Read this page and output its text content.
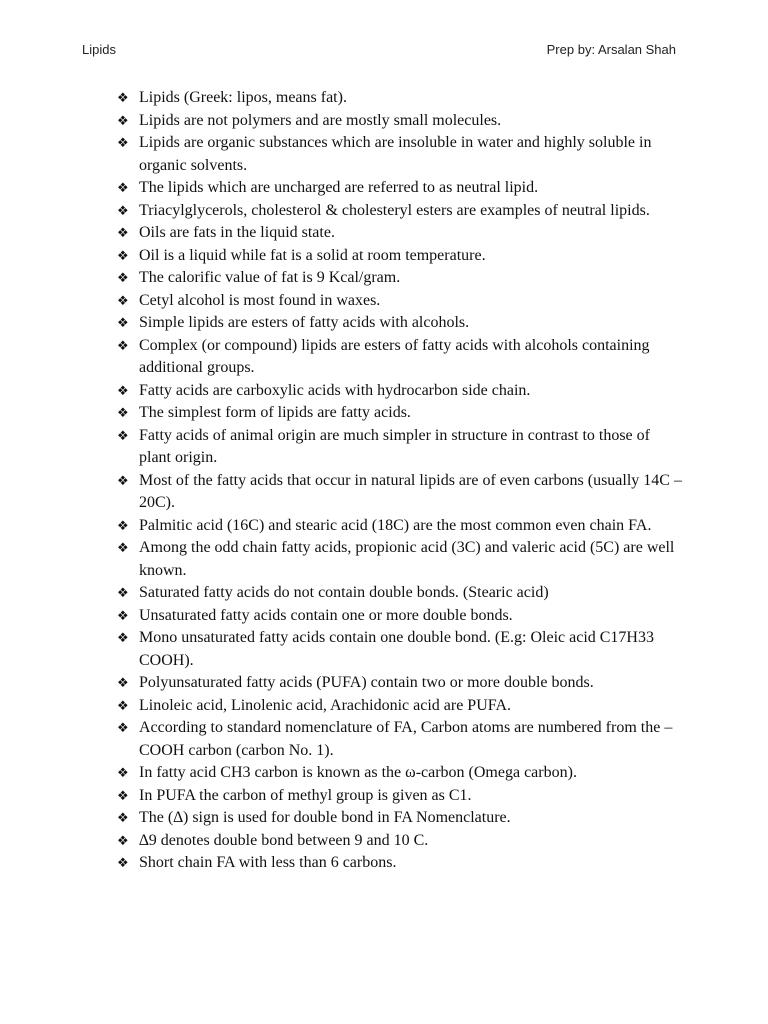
Lipids	Prep by: Arsalan Shah
❖ Lipids (Greek: lipos, means fat).
❖ Lipids are not polymers and are mostly small molecules.
❖ Lipids are organic substances which are insoluble in water and highly soluble in organic solvents.
❖ The lipids which are uncharged are referred to as neutral lipid.
❖ Triacylglycerols, cholesterol & cholesteryl esters are examples of neutral lipids.
❖ Oils are fats in the liquid state.
❖ Oil is a liquid while fat is a solid at room temperature.
❖ The calorific value of fat is 9 Kcal/gram.
❖ Cetyl alcohol is most found in waxes.
❖ Simple lipids are esters of fatty acids with alcohols.
❖ Complex (or compound) lipids are esters of fatty acids with alcohols containing additional groups.
❖ Fatty acids are carboxylic acids with hydrocarbon side chain.
❖ The simplest form of lipids are fatty acids.
❖ Fatty acids of animal origin are much simpler in structure in contrast to those of plant origin.
❖ Most of the fatty acids that occur in natural lipids are of even carbons (usually 14C – 20C).
❖ Palmitic acid (16C) and stearic acid (18C) are the most common even chain FA.
❖ Among the odd chain fatty acids, propionic acid (3C) and valeric acid (5C) are well known.
❖ Saturated fatty acids do not contain double bonds. (Stearic acid)
❖ Unsaturated fatty acids contain one or more double bonds.
❖ Mono unsaturated fatty acids contain one double bond. (E.g: Oleic acid C17H33 COOH).
❖ Polyunsaturated fatty acids (PUFA) contain two or more double bonds.
❖ Linoleic acid, Linolenic acid, Arachidonic acid are PUFA.
❖ According to standard nomenclature of FA, Carbon atoms are numbered from the – COOH carbon (carbon No. 1).
❖ In fatty acid CH3 carbon is known as the ω-carbon (Omega carbon).
❖ In PUFA the carbon of methyl group is given as C1.
❖ The (∆) sign is used for double bond in FA Nomenclature.
❖ ∆9 denotes double bond between 9 and 10 C.
❖ Short chain FA with less than 6 carbons.
